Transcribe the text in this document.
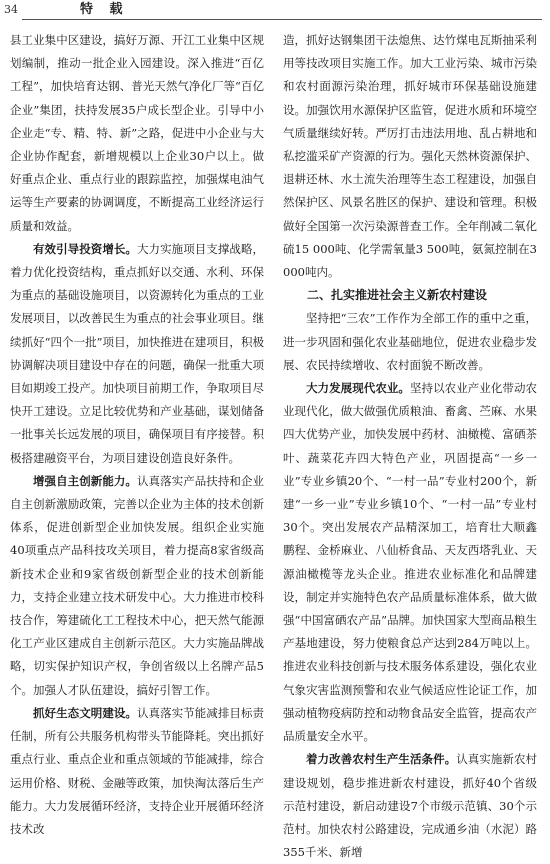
34	特 载

县工业集中区建设，搞好万源、开江工业集中区规划编制，推动一批企业入园建设。深入推进“百亿工程”，加快培育达钢、普光天然气净化厂等“百亿企业”集团，扶持发展35户成长型企业。引导中小企业走“专、精、特、新”之路，促进中小企业与大企业协作配套，新增规模以上企业30户以上。做好重点企业、重点行业的跟踪监控，加强煤电油气运等生产要素的协调调度，不断提高工业经济运行质量和效益。

有效引导投资增长。大力实施项目支撑战略，着力优化投资结构，重点抓好以交通、水利、环保为重点的基础设施项目，以资源转化为重点的工业发展项目，以改善民生为重点的社会事业项目。继续抓好“四个一批”项目，加快推进在建项目，积极协调解决项目建设中存在的问题，确保一批重大项目如期竣工投产。加快项目前期工作，争取项目尽快开工建设。立足比较优势和产业基础，谋划储备一批事关长远发展的项目，确保项目有序接替。积极搭建融资平台，为项目建设创造良好条件。

增强自主创新能力。认真落实产品扶持和企业自主创新激励政策，完善以企业为主体的技术创新体系，促进创新型企业加快发展。组织企业实施40项重点产品科技攻关项目，着力提高8家省级高新技术企业和9家省级创新型企业的技术创新能力，支持企业建立技术研发中心。大力推进市校科技合作，筹建硫化工工程技术中心，把天然气能源化工产业区建成自主创新示范区。大力实施品牌战略，切实保护知识产权，争创省级以上名牌产品5个。加强人才队伍建设，搞好引智工作。

抓好生态文明建设。认真落实节能减排目标责任制，所有公共服务机构带头节能降耗。突出抓好重点行业、重点企业和重点领域的节能减排，综合运用价格、财税、金融等政策，加快淘汰落后生产能力。大力发展循环经济，支持企业开展循环经济技术改

造，抓好达钢集团干法熄焦、达竹煤电瓦斯抽采利用等技改项目实施工作。加大工业污染、城市污染和农村面源污染治理，抓好城市环保基础设施建设。加强饮用水源保护区监管，促进水质和环境空气质量继续好转。严厉打击违法用地、乱占耕地和私挖滥采矿产资源的行为。强化天然林资源保护、退耕还林、水土流失治理等生态工程建设，加强自然保护区、风景名胜区的保护、建设和管理。积极做好全国第一次污染源普查工作。全年削减二氧化硫15 000吨、化学需氧量3 500吨，氨氮控制在3 000吨内。

二、扎实推进社会主义新农村建设

坚持把“三农”工作作为全部工作的重中之重，进一步巩固和强化农业基础地位，促进农业稳步发展、农民持续增收、农村面貌不断改善。

大力发展现代农业。坚持以农业产业化带动农业现代化，做大做强优质粮油、畜禽、苎麻、水果四大优势产业，加快发展中药材、油橄榄、富硒茶叶、蔬菜花卉四大特色产业，巩固提高“一乡一业”专业乡镇20个、“一村一品”专业村200个，新建“一乡一业”专业乡镇10个、“一村一品”专业村30个。突出发展农产品精深加工，培育壮大顺鑫鹏程、金桥麻业、八仙桥食品、天友西塔乳业、天源油橄榄等龙头企业。推进农业标准化和品牌建设，制定并实施特色农产品质量标准体系，做大做强“中国富硒农产品”品牌。加快国家大型商品粮生产基地建设，努力使粮食总产达到284万吨以上。推进农业科技创新与技术服务体系建设，强化农业气象灾害监测预警和农业气候适应性论证工作，加强动植物疫病防控和动物食品安全监管，提高农产品质量安全水平。

着力改善农村生产生活条件。认真实施新农村建设规划，稳步推进新农村建设，抓好40个省级示范村建设，新启动建设7个市级示范镇、30个示范村。加快农村公路建设，完成通乡油（水泥）路355千米、新增
